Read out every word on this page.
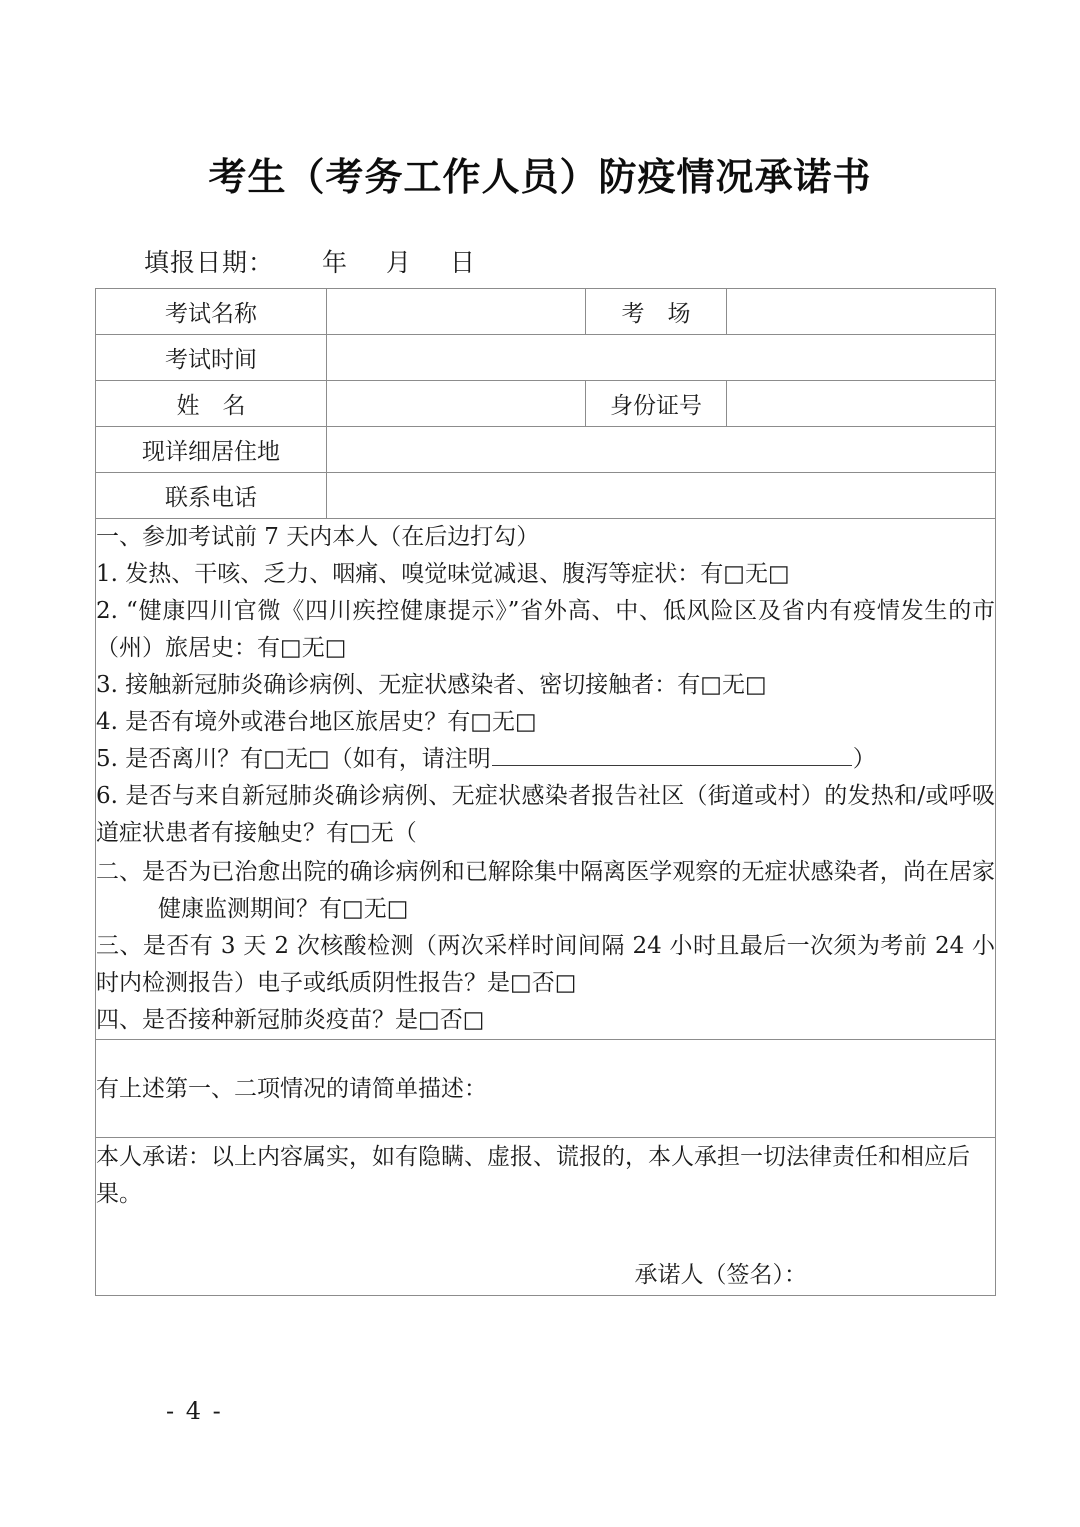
考生（考务工作人员）防疫情况承诺书
填报日期： 年 月 日
考试名称		考　场	
考试时间			
姓　名		身份证号	
现详细居住地			
联系电话			

一、参加考试前 7 天内本人（在后边打勾）

1. 发热、干咳、乏力、咽痛、嗅觉味觉减退、腹泻等症状：有□无□

2. “健康四川官微《四川疾控健康提示》”省外高、中、低风险区及省内有疫情发生的市（州）旅居史：有□无□

3. 接触新冠肺炎确诊病例、无症状感染者、密切接触者：有□无□

4. 是否有境外或港台地区旅居史？有□无□

5. 是否离川？有□无□（如有，请注明	）

6. 是否与来自新冠肺炎确诊病例、无症状感染者报告社区（街道或村）的发热和/或呼吸道症状患者有接触史？有□无（

二、是否为已治愈出院的确诊病例和已解除集中隔离医学观察的无症状感染者，尚在居家健康监测期间？有□无□

三、是否有 3 天 2 次核酸检测（两次采样时间间隔 24 小时且最后一次须为考前 24 小时内检测报告）电子或纸质阴性报告？是□否□

四、是否接种新冠肺炎疫苗？是□否□

有上述第一、二项情况的请简单描述：			

本人承诺：以上内容属实，如有隐瞒、虚报、谎报的，本人承担一切法律责任和相应后果。

承诺人（签名）：			

- 4 -
